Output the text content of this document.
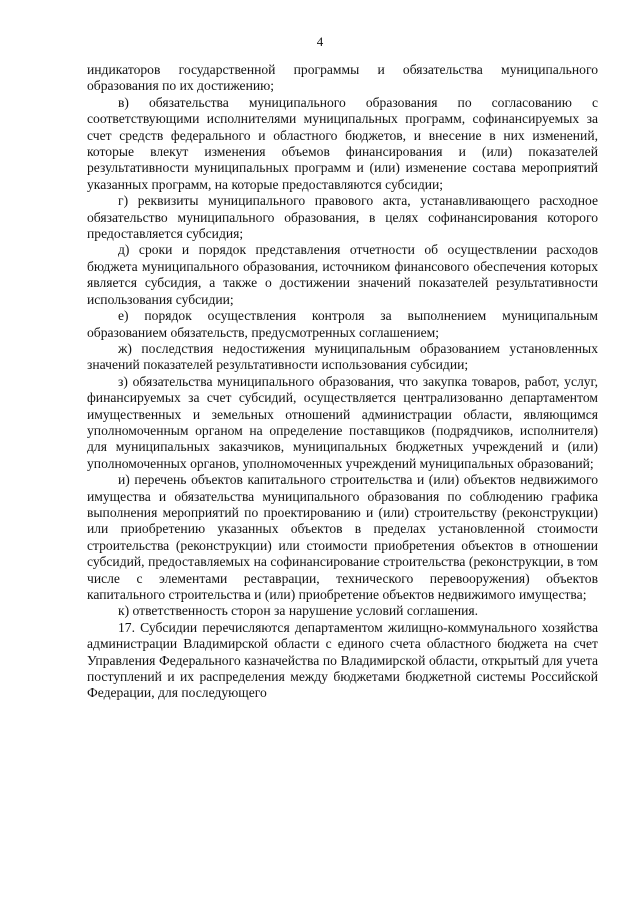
4

индикаторов государственной программы и обязательства муниципального образования по их достижению;

в) обязательства муниципального образования по согласованию с соответствующими исполнителями муниципальных программ, софинансируемых за счет средств федерального и областного бюджетов, и внесение в них изменений, которые влекут изменения объемов финансирования и (или) показателей результативности муниципальных программ и (или) изменение состава мероприятий указанных программ, на которые предоставляются субсидии;

г) реквизиты муниципального правового акта, устанавливающего расходное обязательство муниципального образования, в целях софинансирования которого предоставляется субсидия;

д) сроки и порядок представления отчетности об осуществлении расходов бюджета муниципального образования, источником финансового обеспечения которых является субсидия, а также о достижении значений показателей результативности использования субсидии;

е) порядок осуществления контроля за выполнением муниципальным образованием обязательств, предусмотренных соглашением;

ж) последствия недостижения муниципальным образованием установленных значений показателей результативности использования субсидии;

з) обязательства муниципального образования, что закупка товаров, работ, услуг, финансируемых за счет субсидий, осуществляется централизованно департаментом имущественных и земельных отношений администрации области, являющимся уполномоченным органом на определение поставщиков (подрядчиков, исполнителя) для муниципальных заказчиков, муниципальных бюджетных учреждений и (или) уполномоченных органов, уполномоченных учреждений муниципальных образований;

и) перечень объектов капитального строительства и (или) объектов недвижимого имущества и обязательства муниципального образования по соблюдению графика выполнения мероприятий по проектированию и (или) строительству (реконструкции) или приобретению указанных объектов в пределах установленной стоимости строительства (реконструкции) или стоимости приобретения объектов в отношении субсидий, предоставляемых на софинансирование строительства (реконструкции, в том числе с элементами реставрации, технического перевооружения) объектов капитального строительства и (или) приобретение объектов недвижимого имущества;

к) ответственность сторон за нарушение условий соглашения.

17. Субсидии перечисляются департаментом жилищно-коммунального хозяйства администрации Владимирской области с единого счета областного бюджета на счет Управления Федерального казначейства по Владимирской области, открытый для учета поступлений и их распределения между бюджетами бюджетной системы Российской Федерации, для последующего
